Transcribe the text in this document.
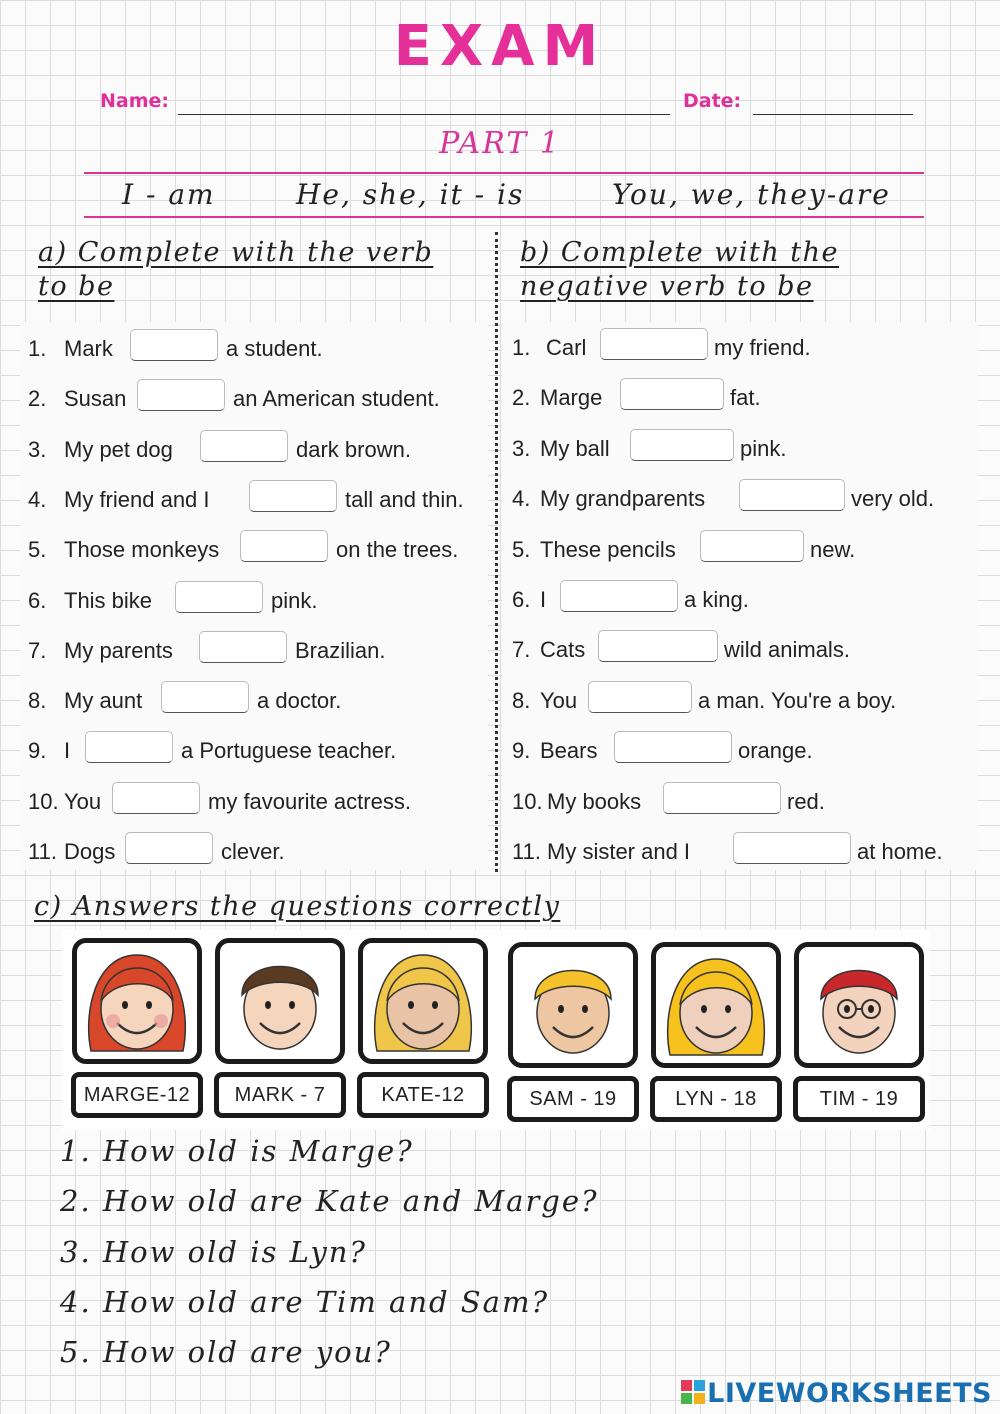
EXAM
Name:	Date:
PART 1
I - am	He, she, it - is	You, we, they-are
a) Complete with the verb to be
b) Complete with the negative verb to be
1. Mark	a student.
2. Susan	an American student.
3. My pet dog	dark brown.
4. My friend and I	tall and thin.
5. Those monkeys	on the trees.
6. This bike	pink.
7. My parents	Brazilian.
8. My aunt	a doctor.
9. I	a Portuguese teacher.
10. You	my favourite actress.
11. Dogs	clever.
1. Carl	my friend.
2. Marge	fat.
3. My ball	pink.
4. My grandparents	very old.
5. These pencils	new.
6. I	a king.
7. Cats	wild animals.
8. You	a man. You're a boy.
9. Bears	orange.
10. My books	red.
11. My sister and I	at home.
c) Answers the questions correctly
MARGE-12	MARK - 7	KATE-12	SAM - 19	LYN - 18	TIM - 19
1. How old is Marge?
2. How old are Kate and Marge?
3. How old is Lyn?
4. How old are Tim and Sam?
5. How old are you?
LIVEWORKSHEETS
